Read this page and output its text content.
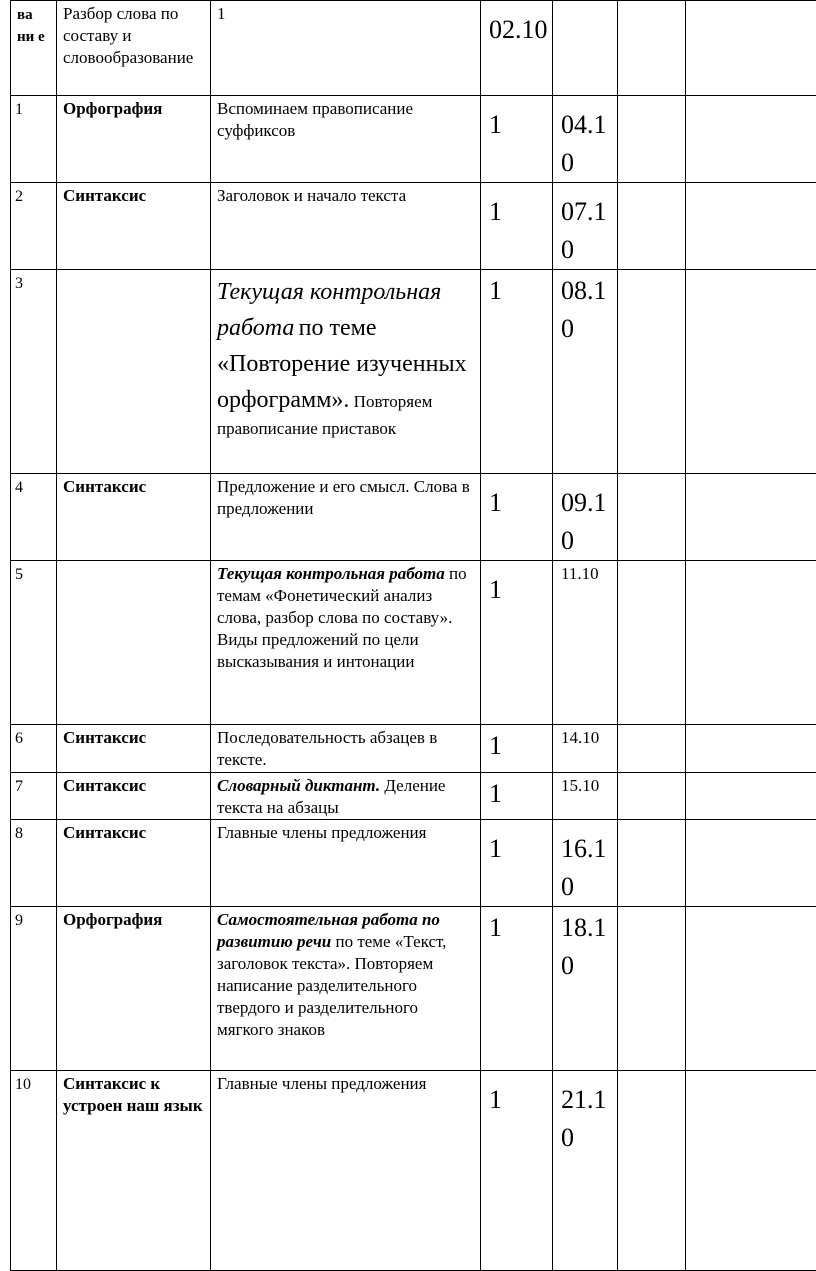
ва ни е	Разбор слова по составу и словообразование	1	02.10			
1	Орфография	Вспоминаем правописание суффиксов	1	04.10		
2	Синтаксис	Заголовок и начало текста	1	07.10		
3		Текущая контрольная работа по теме «Повторение изученных орфограмм». Повторяем правописание приставок	1	08.10		
4	Синтаксис	Предложение и его смысл. Слова в предложении	1	09.10		
5		Текущая контрольная работа по темам «Фонетический анализ слова, разбор слова по составу». Виды предложений по цели высказывания и интонации	1	11.10		
6	Синтаксис	Последовательность абзацев в тексте.	1	14.10		
7	Синтаксис	Словарный диктант. Деление текста на абзацы	1	15.10		
8	Синтаксис	Главные члены предложения	1	16.10		
9	Орфография	Самостоятельная работа по развитию речи по теме «Текст, заголовок текста». Повторяем написание разделительного твердого и разделительного мягкого знаков	1	18.10		
10	Синтаксис к устроен наш язык	Главные члены предложения	1	21.10		
